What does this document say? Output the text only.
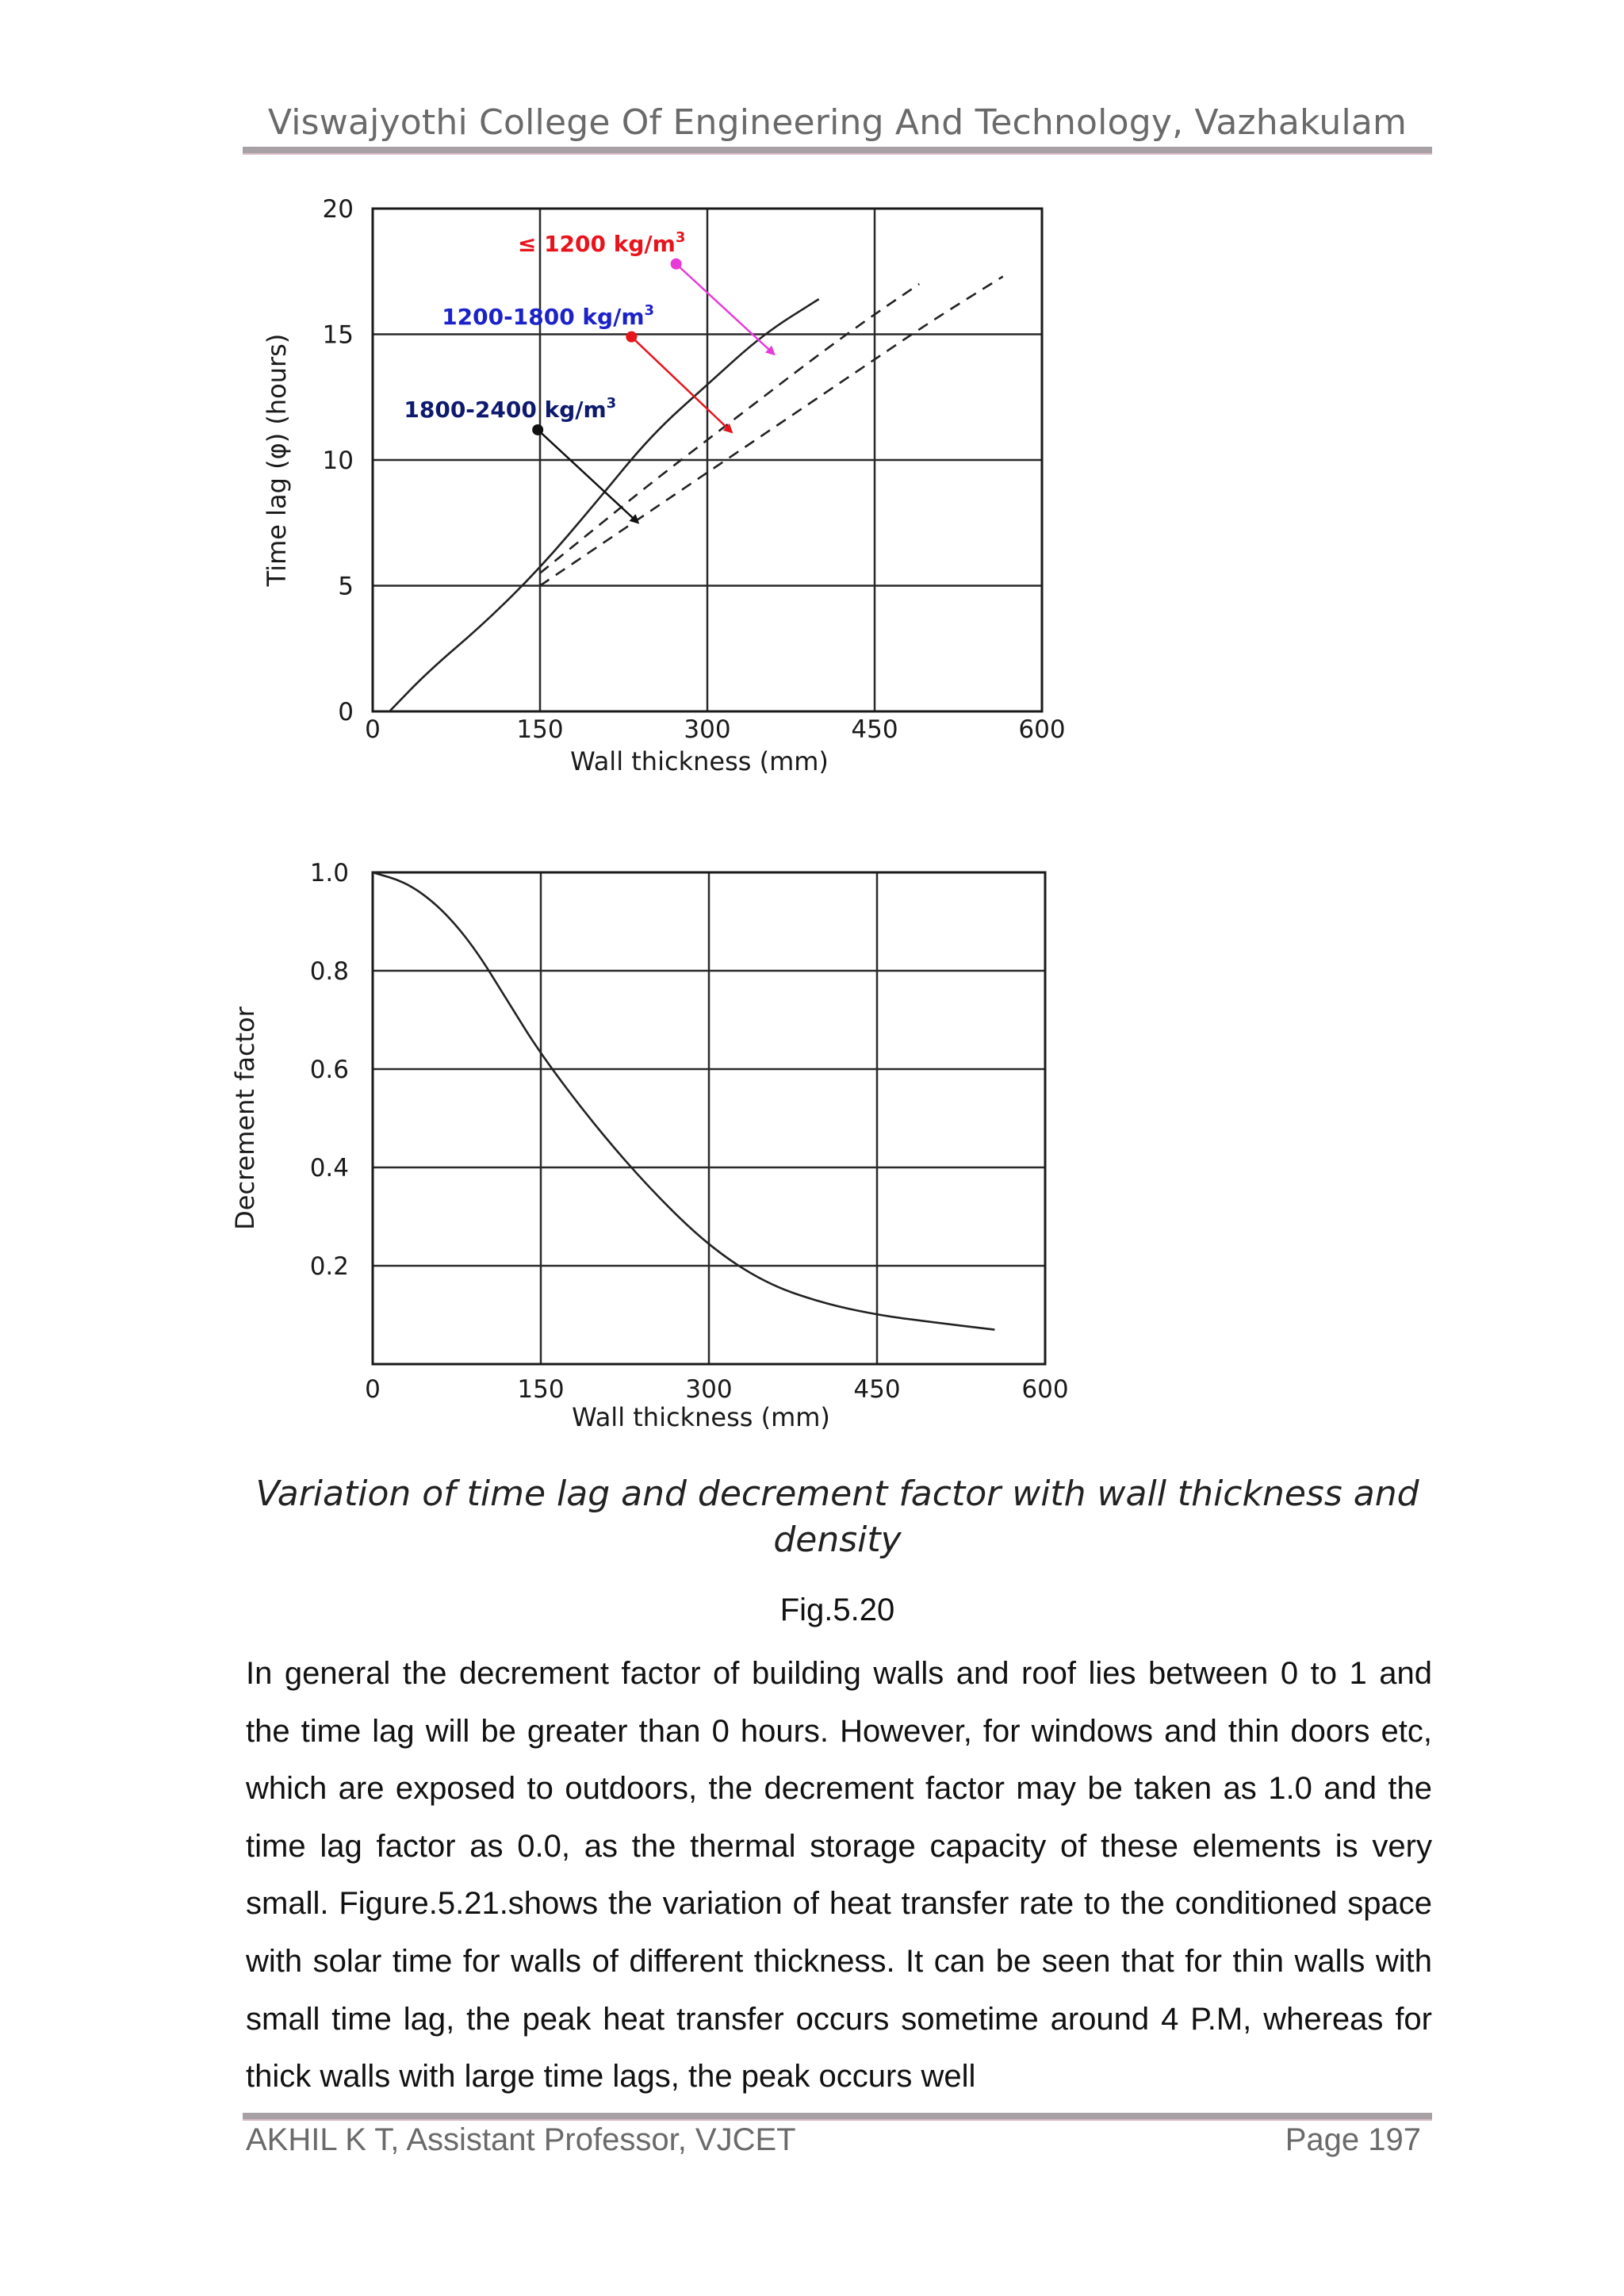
Viswajyothi College Of Engineering And Technology, Vazhakulam
0	150	300	450	600
0
5
10
15
20
Wall thickness (mm)
Time lag (φ) (hours)
≤ 1200 $kg/m^3$
1200-1800 $kg/m^3$
1800-2400 $kg/m^3$
0	150	300	450	600
0.2
0.4
0.6
0.8
1.0
Wall thickness (mm)
Decrement factor
Variation of time lag and decrement factor with wall thickness and
density
Fig.5.20
In general the decrement factor of building walls and roof lies between 0 to 1 and the time lag will be greater than 0 hours. However, for windows and thin doors etc, which are exposed to outdoors, the decrement factor may be taken as 1.0 and the time lag factor as 0.0, as the thermal storage capacity of these elements is very small. Figure.5.21.shows the variation of heat transfer rate to the conditioned space with solar time for walls of different thickness. It can be seen that for thin walls with small time lag, the peak heat transfer occurs sometime around 4 P.M, whereas for thick walls with large time lags, the peak occurs well
AKHIL K T, Assistant Professor, VJCET	Page 197
